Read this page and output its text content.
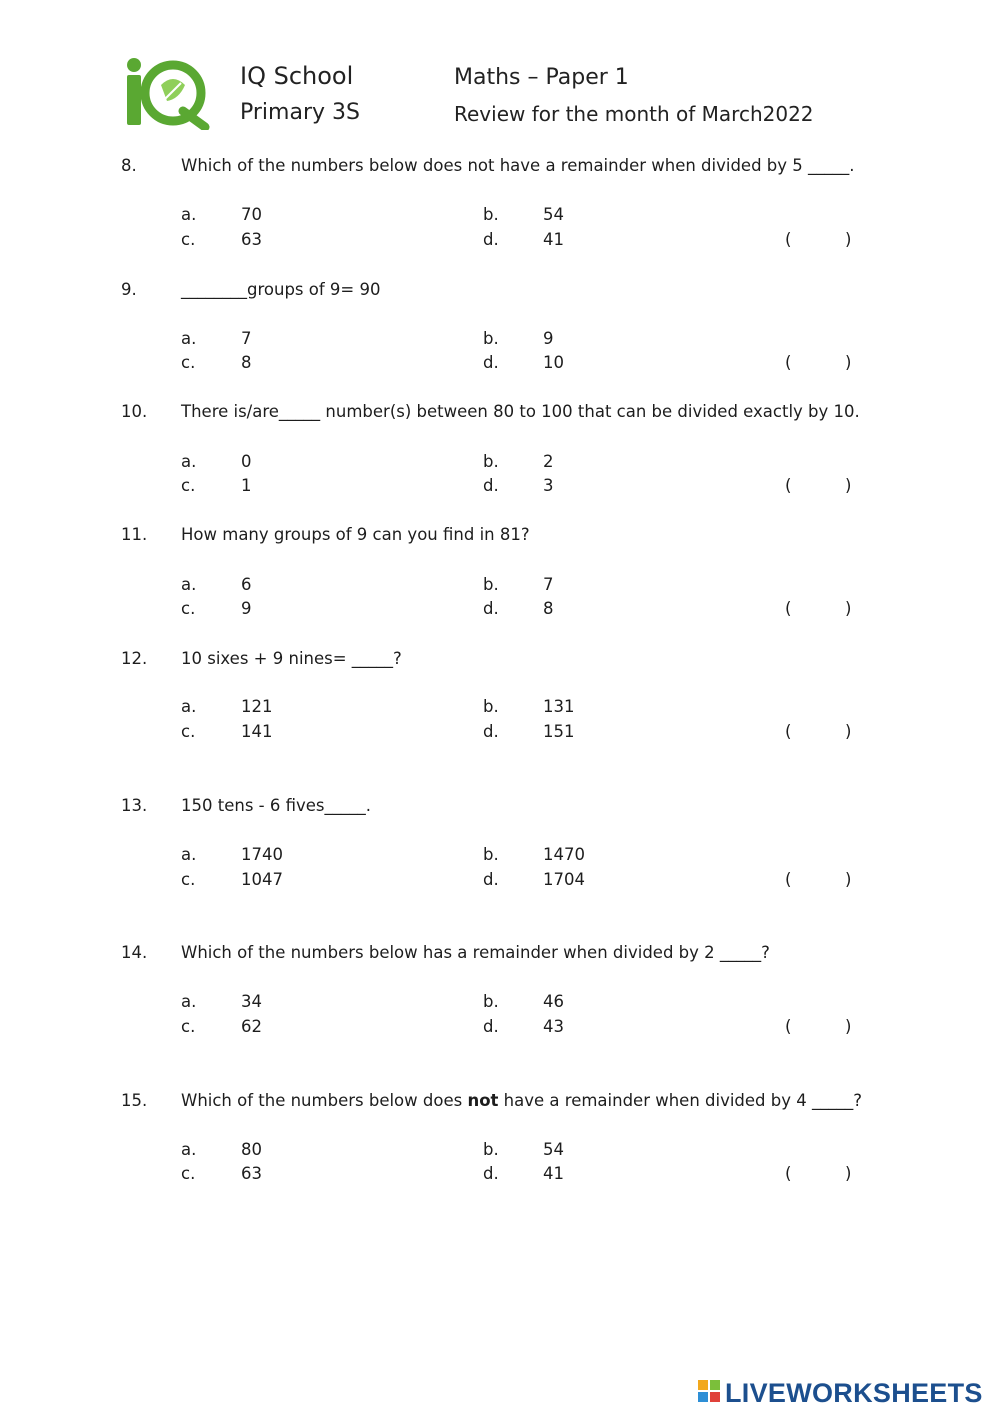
IQ School
Primary 3S
Maths – Paper 1
Review for the month of March2022
8.	Which of the numbers below does not have a remainder when divided by 5 _____.
a.	70	b.	54
c.	63	d.	41	(	)
9.	________groups of 9= 90
a.	7	b.	9
c.	8	d.	10	(	)
10. There is/are_____ number(s) between 80 to 100 that can be divided exactly by 10.
a.	0	b.	2
c.	1	d.	3	(	)
11. How many groups of 9 can you find in 81?
a.	6	b.	7
c.	9	d.	8	(	)
12. 10 sixes + 9 nines= _____?
a.	121	b.	131
c.	141	d.	151	(	)
13. 150 tens - 6 fives_____.
a.	1740	b.	1470
c.	1047	d.	1704	(	)
14. Which of the numbers below has a remainder when divided by 2 _____?
a.	34	b.	46
c.	62	d.	43	(	)
15. Which of the numbers below does not have a remainder when divided by 4 _____?
a.	80	b.	54
c.	63	d.	41	(	)
LIVEWORKSHEETS
